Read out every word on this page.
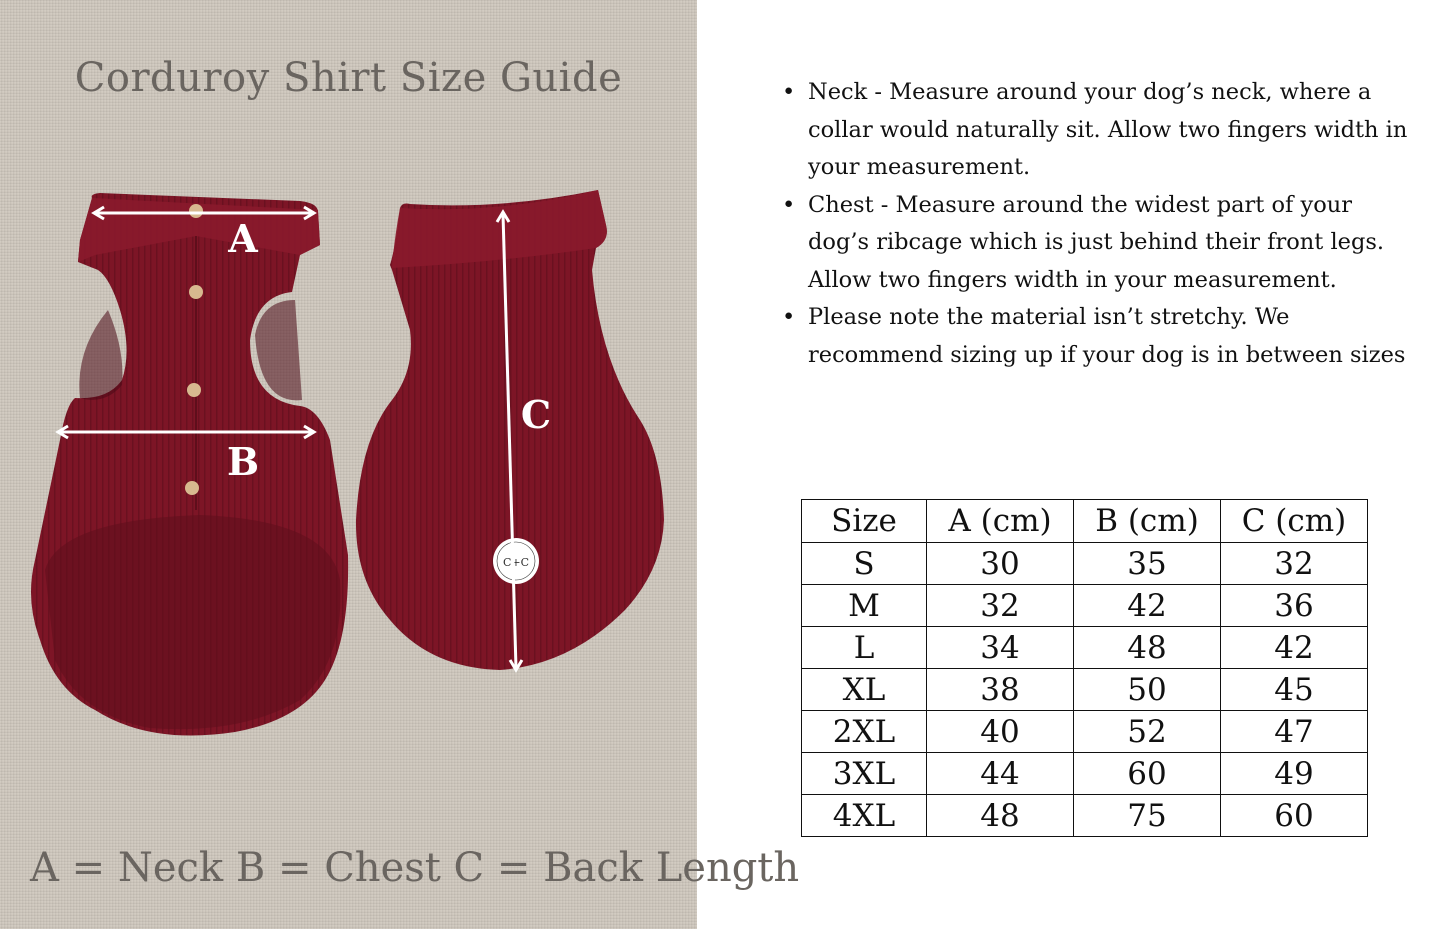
Corduroy Shirt Size Guide
A
B
C+C
C
A = Neck B = Chest C = Back Length
• Neck - Measure around your dog’s neck, where a collar would naturally sit. Allow two fingers width in your measurement.
• Chest - Measure around the widest part of your dog’s ribcage which is just behind their front legs. Allow two fingers width in your measurement.
• Please note the material isn’t stretchy. We recommend sizing up if your dog is in between sizes
Size	A (cm)	B (cm)	C (cm)
S	30	35	32
M	32	42	36
L	34	48	42
XL	38	50	45
2XL	40	52	47
3XL	44	60	49
4XL	48	75	60
